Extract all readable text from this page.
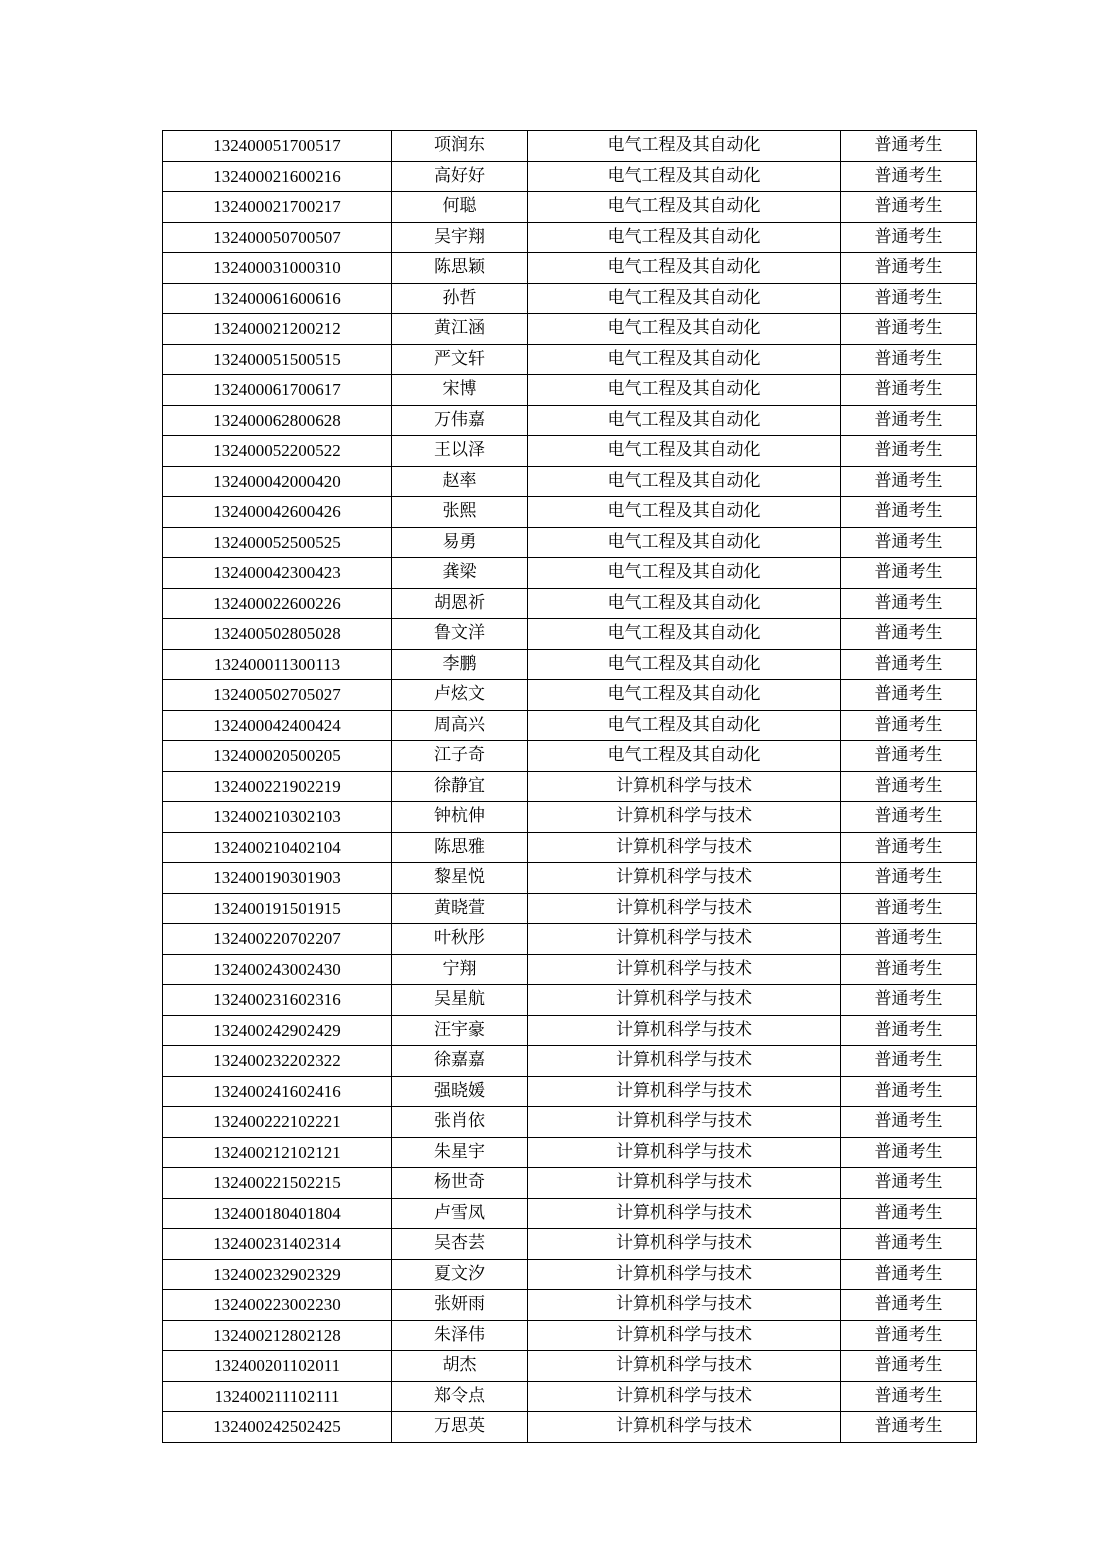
132400051700517	项润东	电气工程及其自动化	普通考生
132400021600216	高好好	电气工程及其自动化	普通考生
132400021700217	何聪	电气工程及其自动化	普通考生
132400050700507	吴宇翔	电气工程及其自动化	普通考生
132400031000310	陈思颖	电气工程及其自动化	普通考生
132400061600616	孙哲	电气工程及其自动化	普通考生
132400021200212	黄江涵	电气工程及其自动化	普通考生
132400051500515	严文轩	电气工程及其自动化	普通考生
132400061700617	宋博	电气工程及其自动化	普通考生
132400062800628	万伟嘉	电气工程及其自动化	普通考生
132400052200522	王以泽	电气工程及其自动化	普通考生
132400042000420	赵率	电气工程及其自动化	普通考生
132400042600426	张熙	电气工程及其自动化	普通考生
132400052500525	易勇	电气工程及其自动化	普通考生
132400042300423	龚梁	电气工程及其自动化	普通考生
132400022600226	胡恩祈	电气工程及其自动化	普通考生
132400502805028	鲁文洋	电气工程及其自动化	普通考生
132400011300113	李鹏	电气工程及其自动化	普通考生
132400502705027	卢炫文	电气工程及其自动化	普通考生
132400042400424	周高兴	电气工程及其自动化	普通考生
132400020500205	江子奇	电气工程及其自动化	普通考生
132400221902219	徐静宜	计算机科学与技术	普通考生
132400210302103	钟杭伸	计算机科学与技术	普通考生
132400210402104	陈思雅	计算机科学与技术	普通考生
132400190301903	黎星悦	计算机科学与技术	普通考生
132400191501915	黄晓萱	计算机科学与技术	普通考生
132400220702207	叶秋彤	计算机科学与技术	普通考生
132400243002430	宁翔	计算机科学与技术	普通考生
132400231602316	吴星航	计算机科学与技术	普通考生
132400242902429	汪宇豪	计算机科学与技术	普通考生
132400232202322	徐嘉嘉	计算机科学与技术	普通考生
132400241602416	强晓媛	计算机科学与技术	普通考生
132400222102221	张肖依	计算机科学与技术	普通考生
132400212102121	朱星宇	计算机科学与技术	普通考生
132400221502215	杨世奇	计算机科学与技术	普通考生
132400180401804	卢雪凤	计算机科学与技术	普通考生
132400231402314	吴杏芸	计算机科学与技术	普通考生
132400232902329	夏文汐	计算机科学与技术	普通考生
132400223002230	张妍雨	计算机科学与技术	普通考生
132400212802128	朱泽伟	计算机科学与技术	普通考生
132400201102011	胡杰	计算机科学与技术	普通考生
132400211102111	郑令点	计算机科学与技术	普通考生
132400242502425	万思英	计算机科学与技术	普通考生
